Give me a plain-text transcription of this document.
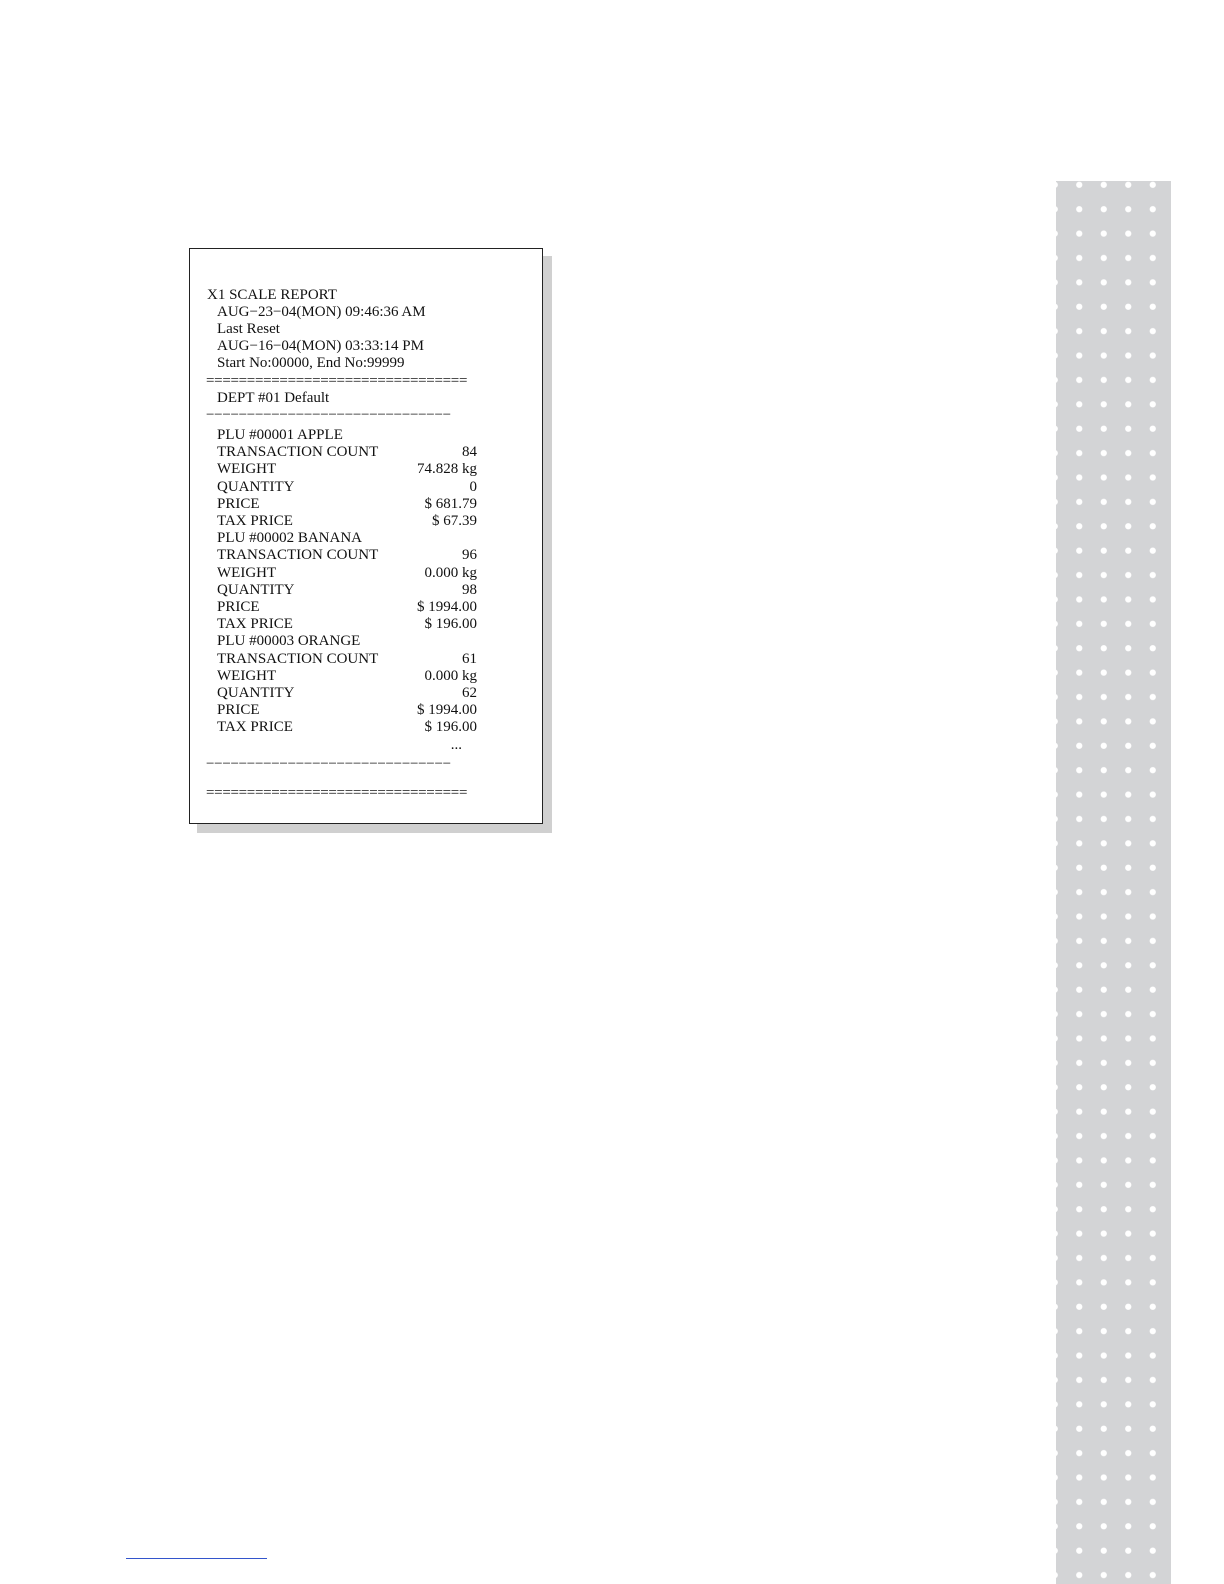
X1 SCALE REPORT
AUG−23−04(MON) 09:46:36 AM
Last Reset
AUG−16−04(MON) 03:33:14 PM
Start No:00000, End No:99999
================================
DEPT #01 Default
−−−−−−−−−−−−−−−−−−−−−−−−−−−−−−
PLU #00001 APPLE
TRANSACTION COUNT	84
WEIGHT	74.828 kg
QUANTITY	0
PRICE	$ 681.79
TAX PRICE	$ 67.39
PLU #00002 BANANA
TRANSACTION COUNT	96
WEIGHT	0.000 kg
QUANTITY	98
PRICE	$ 1994.00
TAX PRICE	$ 196.00
PLU #00003 ORANGE
TRANSACTION COUNT	61
WEIGHT	0.000 kg
QUANTITY	62
PRICE	$ 1994.00
TAX PRICE	$ 196.00
...
−−−−−−−−−−−−−−−−−−−−−−−−−−−−−−
================================
